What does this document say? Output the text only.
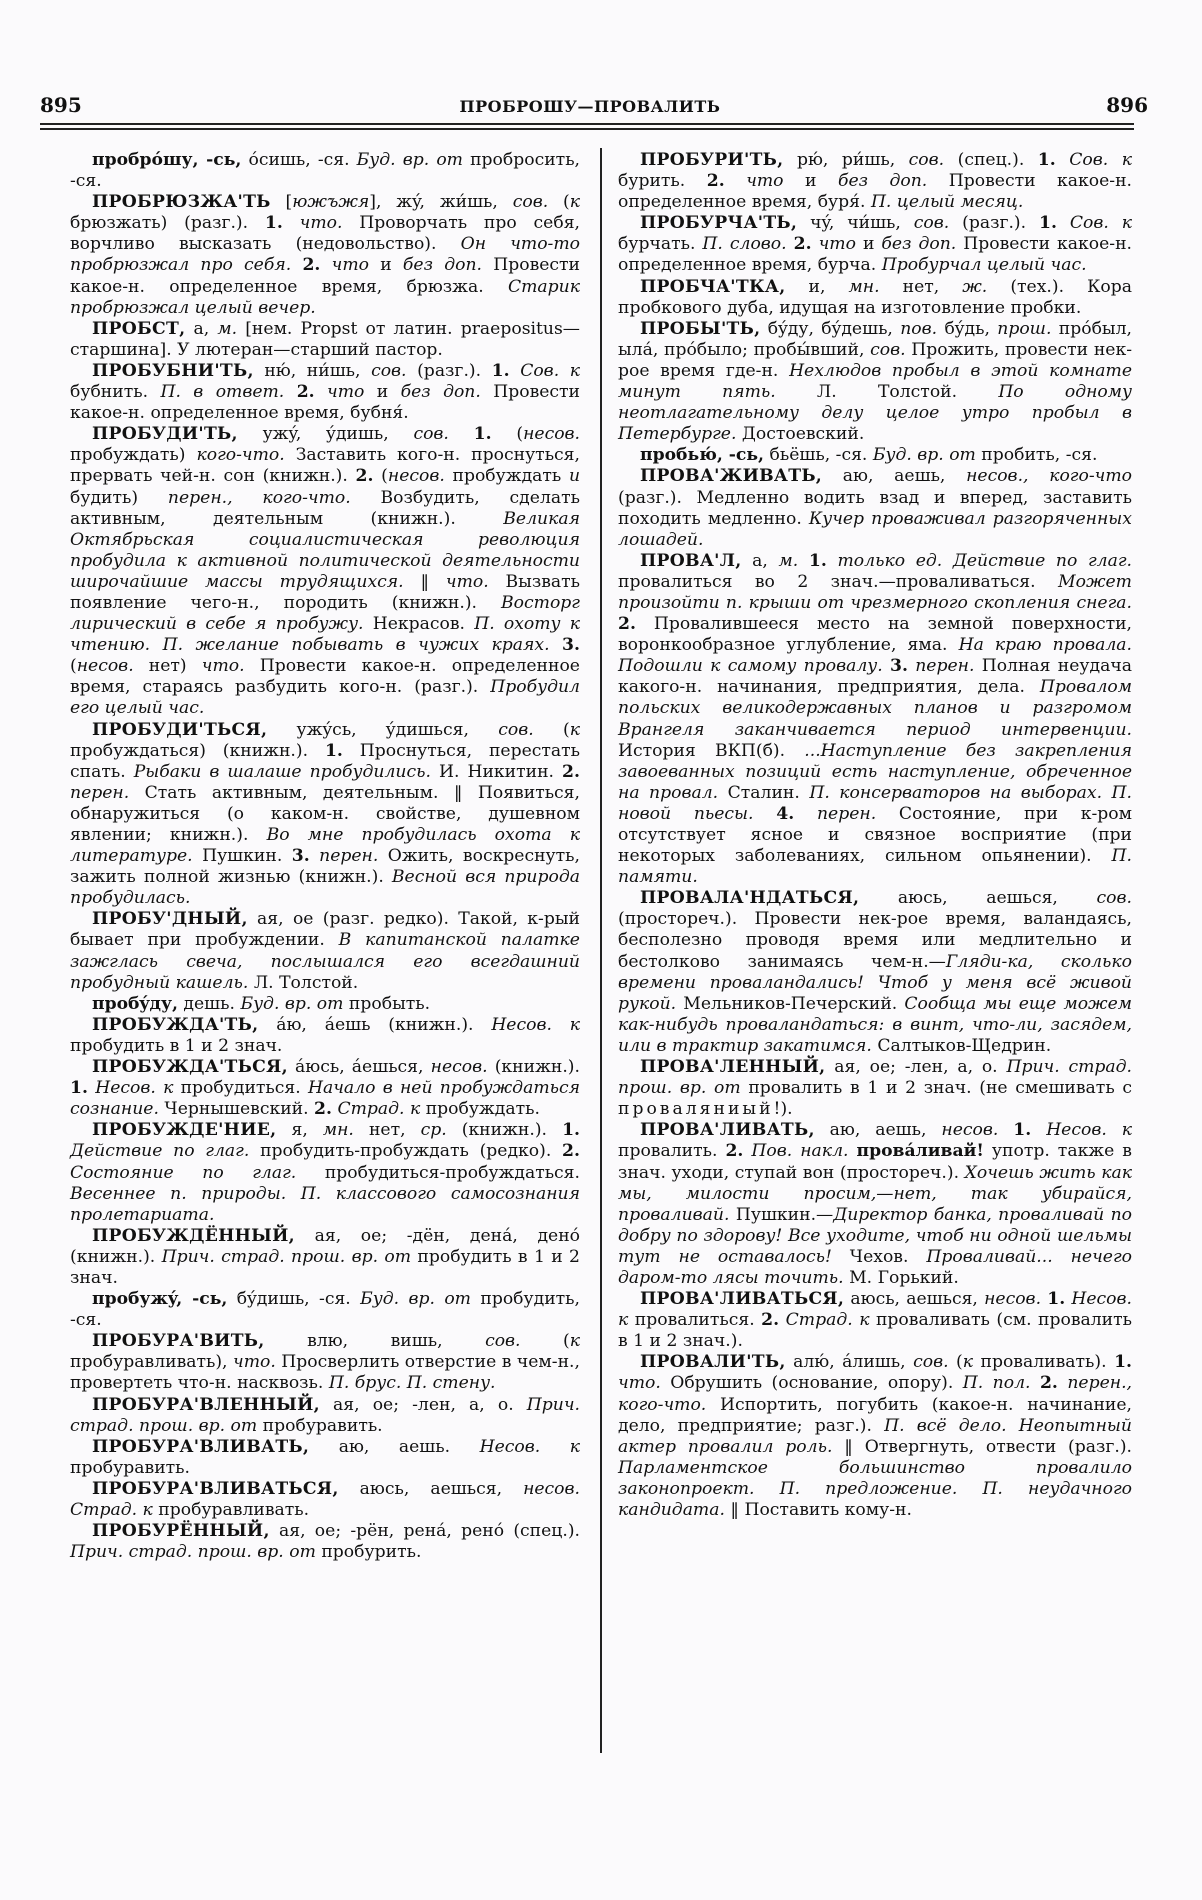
895	ПРОБРОШУ—ПРОВАЛИТЬ	896

пробрóшу, -сь, óсишь, -ся. Буд. вр. от пробросить, -ся.

ПРОБРЮЗЖА'ТЬ [южъжя], жý, жи́шь, сов. (к брюзжать) (разг.). 1. что. Проворчать про себя, ворчливо высказать (недовольство). Он что-то пробрюзжал про себя. 2. что и без доп. Провести какое-н. определенное время, брюзжа. Старик пробрюзжал целый вечер.

ПРОБСТ, а, м. [нем. Propst от латин. praepositus—старшина]. У лютеран—старший пастор.

ПРОБУБНИ'ТЬ, ню́, ни́шь, сов. (разг.). 1. Сов. к бубнить. П. в ответ. 2. что и без доп. Провести какое-н. определенное время, бубня́.

ПРОБУДИ'ТЬ, ужý, ýдишь, сов. 1. (несов. пробуждать) кого-что. Заставить кого-н. проснуться, прервать чей-н. сон (книжн.). 2. (несов. пробуждать и будить) перен., кого-что. Возбудить, сделать активным, деятельным (книжн.). Великая Октябрьская социалистическая революция пробудила к активной политической деятельности широчайшие массы трудящихся. ‖ что. Вызвать появление чего-н., породить (книжн.). Восторг лирический в себе я пробужу. Некрасов. П. охоту к чтению. П. желание побывать в чужих краях. 3. (несов. нет) что. Провести какое-н. определенное время, стараясь разбудить кого-н. (разг.). Пробудил его целый час.

ПРОБУДИ'ТЬСЯ, ужýсь, ýдишься, сов. (к пробуждаться) (книжн.). 1. Проснуться, перестать спать. Рыбаки в шалаше пробудились. И. Никитин. 2. перен. Стать активным, деятельным. ‖ Появиться, обнаружиться (о каком-н. свойстве, душевном явлении; книжн.). Во мне пробудилась охота к литературе. Пушкин. 3. перен. Ожить, воскреснуть, зажить полной жизнью (книжн.). Весной вся природа пробудилась.

ПРОБУ'ДНЫЙ, ая, ое (разг. редко). Такой, к-рый бывает при пробуждении. В капитанской палатке зажглась свеча, послышался его всегдашний пробудный кашель. Л. Толстой.

пробýду, дешь. Буд. вр. от пробыть.

ПРОБУЖДА'ТЬ, áю, áешь (книжн.). Несов. к пробудить в 1 и 2 знач.

ПРОБУЖДА'ТЬСЯ, áюсь, áешься, несов. (книжн.). 1. Несов. к пробудиться. Начало в ней пробуждаться сознание. Чернышевский. 2. Страд. к пробуждать.

ПРОБУЖДЕ'НИЕ, я, мн. нет, ср. (книжн.). 1. Действие по глаг. пробудить-пробуждать (редко). 2. Состояние по глаг. пробудиться-пробуждаться. Весеннее п. природы. П. классового самосознания пролетариата.

ПРОБУЖДЁННЫЙ, ая, ое; -дён, дена́, дено́ (книжн.). Прич. страд. прош. вр. от пробудить в 1 и 2 знач.

пробужý, -сь, бýдишь, -ся. Буд. вр. от пробудить, -ся.

ПРОБУРА'ВИТЬ, влю, вишь, сов. (к пробуравливать), что. Просверлить отверстие в чем-н., провертеть что-н. насквозь. П. брус. П. стену.

ПРОБУРА'ВЛЕННЫЙ, ая, ое; -лен, а, о. Прич. страд. прош. вр. от пробуравить.

ПРОБУРА'ВЛИВАТЬ, аю, аешь. Несов. к пробуравить.

ПРОБУРА'ВЛИВАТЬСЯ, аюсь, аешься, несов. Страд. к пробуравливать.

ПРОБУРЁННЫЙ, ая, ое; -рён, рена́, рено́ (спец.). Прич. страд. прош. вр. от пробурить.

ПРОБУРИ'ТЬ, рю́, ри́шь, сов. (спец.). 1. Сов. к бурить. 2. что и без доп. Провести какое-н. определенное время, буря́. П. целый месяц.

ПРОБУРЧА'ТЬ, чý, чи́шь, сов. (разг.). 1. Сов. к бурчать. П. слово. 2. что и без доп. Провести какое-н. определенное время, бурча. Пробурчал целый час.

ПРОБЧА'ТКА, и, мн. нет, ж. (тех.). Кора пробкового дуба, идущая на изготовление пробки.

ПРОБЫ'ТЬ, бýду, бýдешь, пов. бýдь, прош. прóбыл, ыла́, прóбыло; пробы́вший, сов. Прожить, провести нек-рое время где-н. Нехлюдов пробыл в этой комнате минут пять. Л. Толстой. По одному неотлагательному делу целое утро пробыл в Петербурге. Достоевский.

пробью́, -сь, бьёшь, -ся. Буд. вр. от пробить, -ся.

ПРОВА'ЖИВАТЬ, аю, аешь, несов., кого-что (разг.). Медленно водить взад и вперед, заставить походить медленно. Кучер проваживал разгоряченных лошадей.

ПРОВА'Л, а, м. 1. только ед. Действие по глаг. провалиться во 2 знач.—проваливаться. Может произойти п. крыши от чрезмерного скопления снега. 2. Провалившееся место на земной поверхности, воронкообразное углубление, яма. На краю провала. Подошли к самому провалу. 3. перен. Полная неудача какого-н. начинания, предприятия, дела. Провалом польских великодержавных планов и разгромом Врангеля заканчивается период интервенции. История ВКП(б). ...Наступление без закрепления завоеванных позиций есть наступление, обреченное на провал. Сталин. П. консерваторов на выборах. П. новой пьесы. 4. перен. Состояние, при к-ром отсутствует ясное и связное восприятие (при некоторых заболеваниях, сильном опьянении). П. памяти.

ПРОВАЛА'НДАТЬСЯ, аюсь, аешься, сов. (простореч.). Провести нек-рое время, валандаясь, бесполезно проводя время или медлительно и бестолково занимаясь чем-н.—Гляди-ка, сколько времени проваландались! Чтоб у меня всё живой рукой. Мельников-Печерский. Сообща мы еще можем как-нибудь проваландаться: в винт, что-ли, засядем, или в трактир закатимся. Салтыков-Щедрин.

ПРОВА'ЛЕННЫЙ, ая, ое; -лен, а, о. Прич. страд. прош. вр. от провалить в 1 и 2 знач. (не смешивать с проваляниый!).

ПРОВА'ЛИВАТЬ, аю, аешь, несов. 1. Несов. к провалить. 2. Пов. накл. прова́ливай! употр. также в знач. уходи, ступай вон (простореч.). Хочешь жить как мы, милости просим,—нет, так убирайся, проваливай. Пушкин.—Директор банка, проваливай по добру по здорову! Все уходите, чтоб ни одной шельмы тут не оставалось! Чехов. Проваливай... нечего даром-то лясы точить. М. Горький.

ПРОВА'ЛИВАТЬСЯ, аюсь, аешься, несов. 1. Несов. к провалиться. 2. Страд. к проваливать (см. провалить в 1 и 2 знач.).

ПРОВАЛИ'ТЬ, алю́, áлишь, сов. (к проваливать). 1. что. Обрушить (основание, опору). П. пол. 2. перен., кого-что. Испортить, погубить (какое-н. начинание, дело, предприятие; разг.). П. всё дело. Неопытный актер провалил роль. ‖ Отвергнуть, отвести (разг.). Парламентское большинство провалило законопроект. П. предложение. П. неудачного кандидата. ‖ Поставить кому-н.
